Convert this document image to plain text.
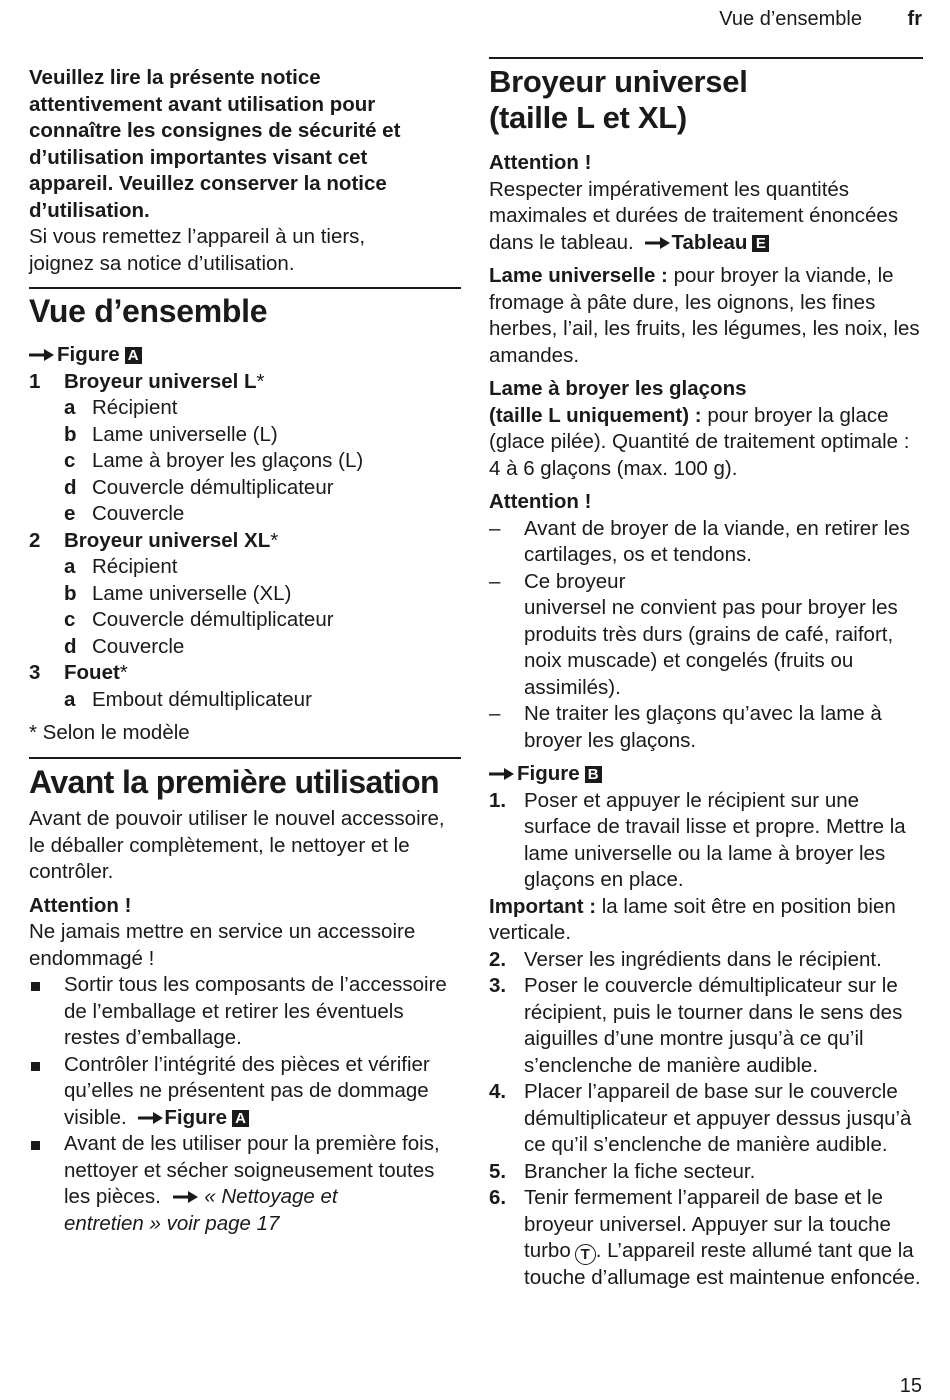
Vue d’ensemble fr

Veuillez lire la présente notice attentivement avant utilisation pour connaître les consignes de sécurité et d’utilisation importantes visant cet appareil. Veuillez conserver la notice d’utilisation.

Si vous remettez l’appareil à un tiers, joignez sa notice d’utilisation.

Vue d’ensemble

Figure A

1	Broyeur universel L*

a Récipient

b Lame universelle (L)

c Lame à broyer les glaçons (L)

d Couvercle démultiplicateur

e Couvercle

2	Broyeur universel XL*

a Récipient

b Lame universelle (XL)

c Couvercle démultiplicateur

d Couvercle

3	Fouet*

a Embout démultiplicateur

* Selon le modèle

Avant la première utilisation

Avant de pouvoir utiliser le nouvel accessoire, le déballer complètement, le nettoyer et le contrôler.

Attention !

Ne jamais mettre en service un accessoire endommagé !

Sortir tous les composants de l’accessoire de l’emballage et retirer les éventuels restes d’emballage.

Contrôler l’intégrité des pièces et vérifier qu’elles ne présentent pas de dommage visible. Figure A

Avant de les utiliser pour la première fois, nettoyer et sécher soigneusement toutes les pièces. « Nettoyage et
entretien » voir page 17

Broyeur universel
(taille L et XL)

Attention !

Respecter impérativement les quantités maximales et durées de traitement énoncées dans le tableau. Tableau E

Lame universelle : pour broyer la viande, le fromage à pâte dure, les oignons, les fines herbes, l’ail, les fruits, les légumes, les noix, les amandes.

Lame à broyer les glaçons
(taille L uniquement) : pour broyer la glace (glace pilée). Quantité de traitement optimale : 4 à 6 glaçons (max. 100 g).

Attention !

–	Avant de broyer de la viande, en retirer les cartilages, os et tendons.

–	Ce broyeur
universel ne convient pas pour broyer les produits très durs (grains de café, raifort, noix muscade) et congelés (fruits ou assimilés).

–	Ne traiter les glaçons qu’avec la lame à broyer les glaçons.

Figure B

1. Poser et appuyer le récipient sur une surface de travail lisse et propre. Mettre la lame universelle ou la lame à broyer les glaçons en place.

Important : la lame soit être en position bien verticale.

2. Verser les ingrédients dans le récipient.

3. Poser le couvercle démultiplicateur sur le récipient, puis le tourner dans le sens des aiguilles d’une montre jusqu’à ce qu’il s’enclenche de manière audible.

4. Placer l’appareil de base sur le couvercle démultiplicateur et appuyer dessus jusqu’à ce qu’il s’enclenche de manière audible.

5. Brancher la fiche secteur.

6. Tenir fermement l’appareil de base et le broyeur universel. Appuyer sur la touche turbo T . L’appareil reste allumé tant que la touche d’allumage est maintenue enfoncée.

15
